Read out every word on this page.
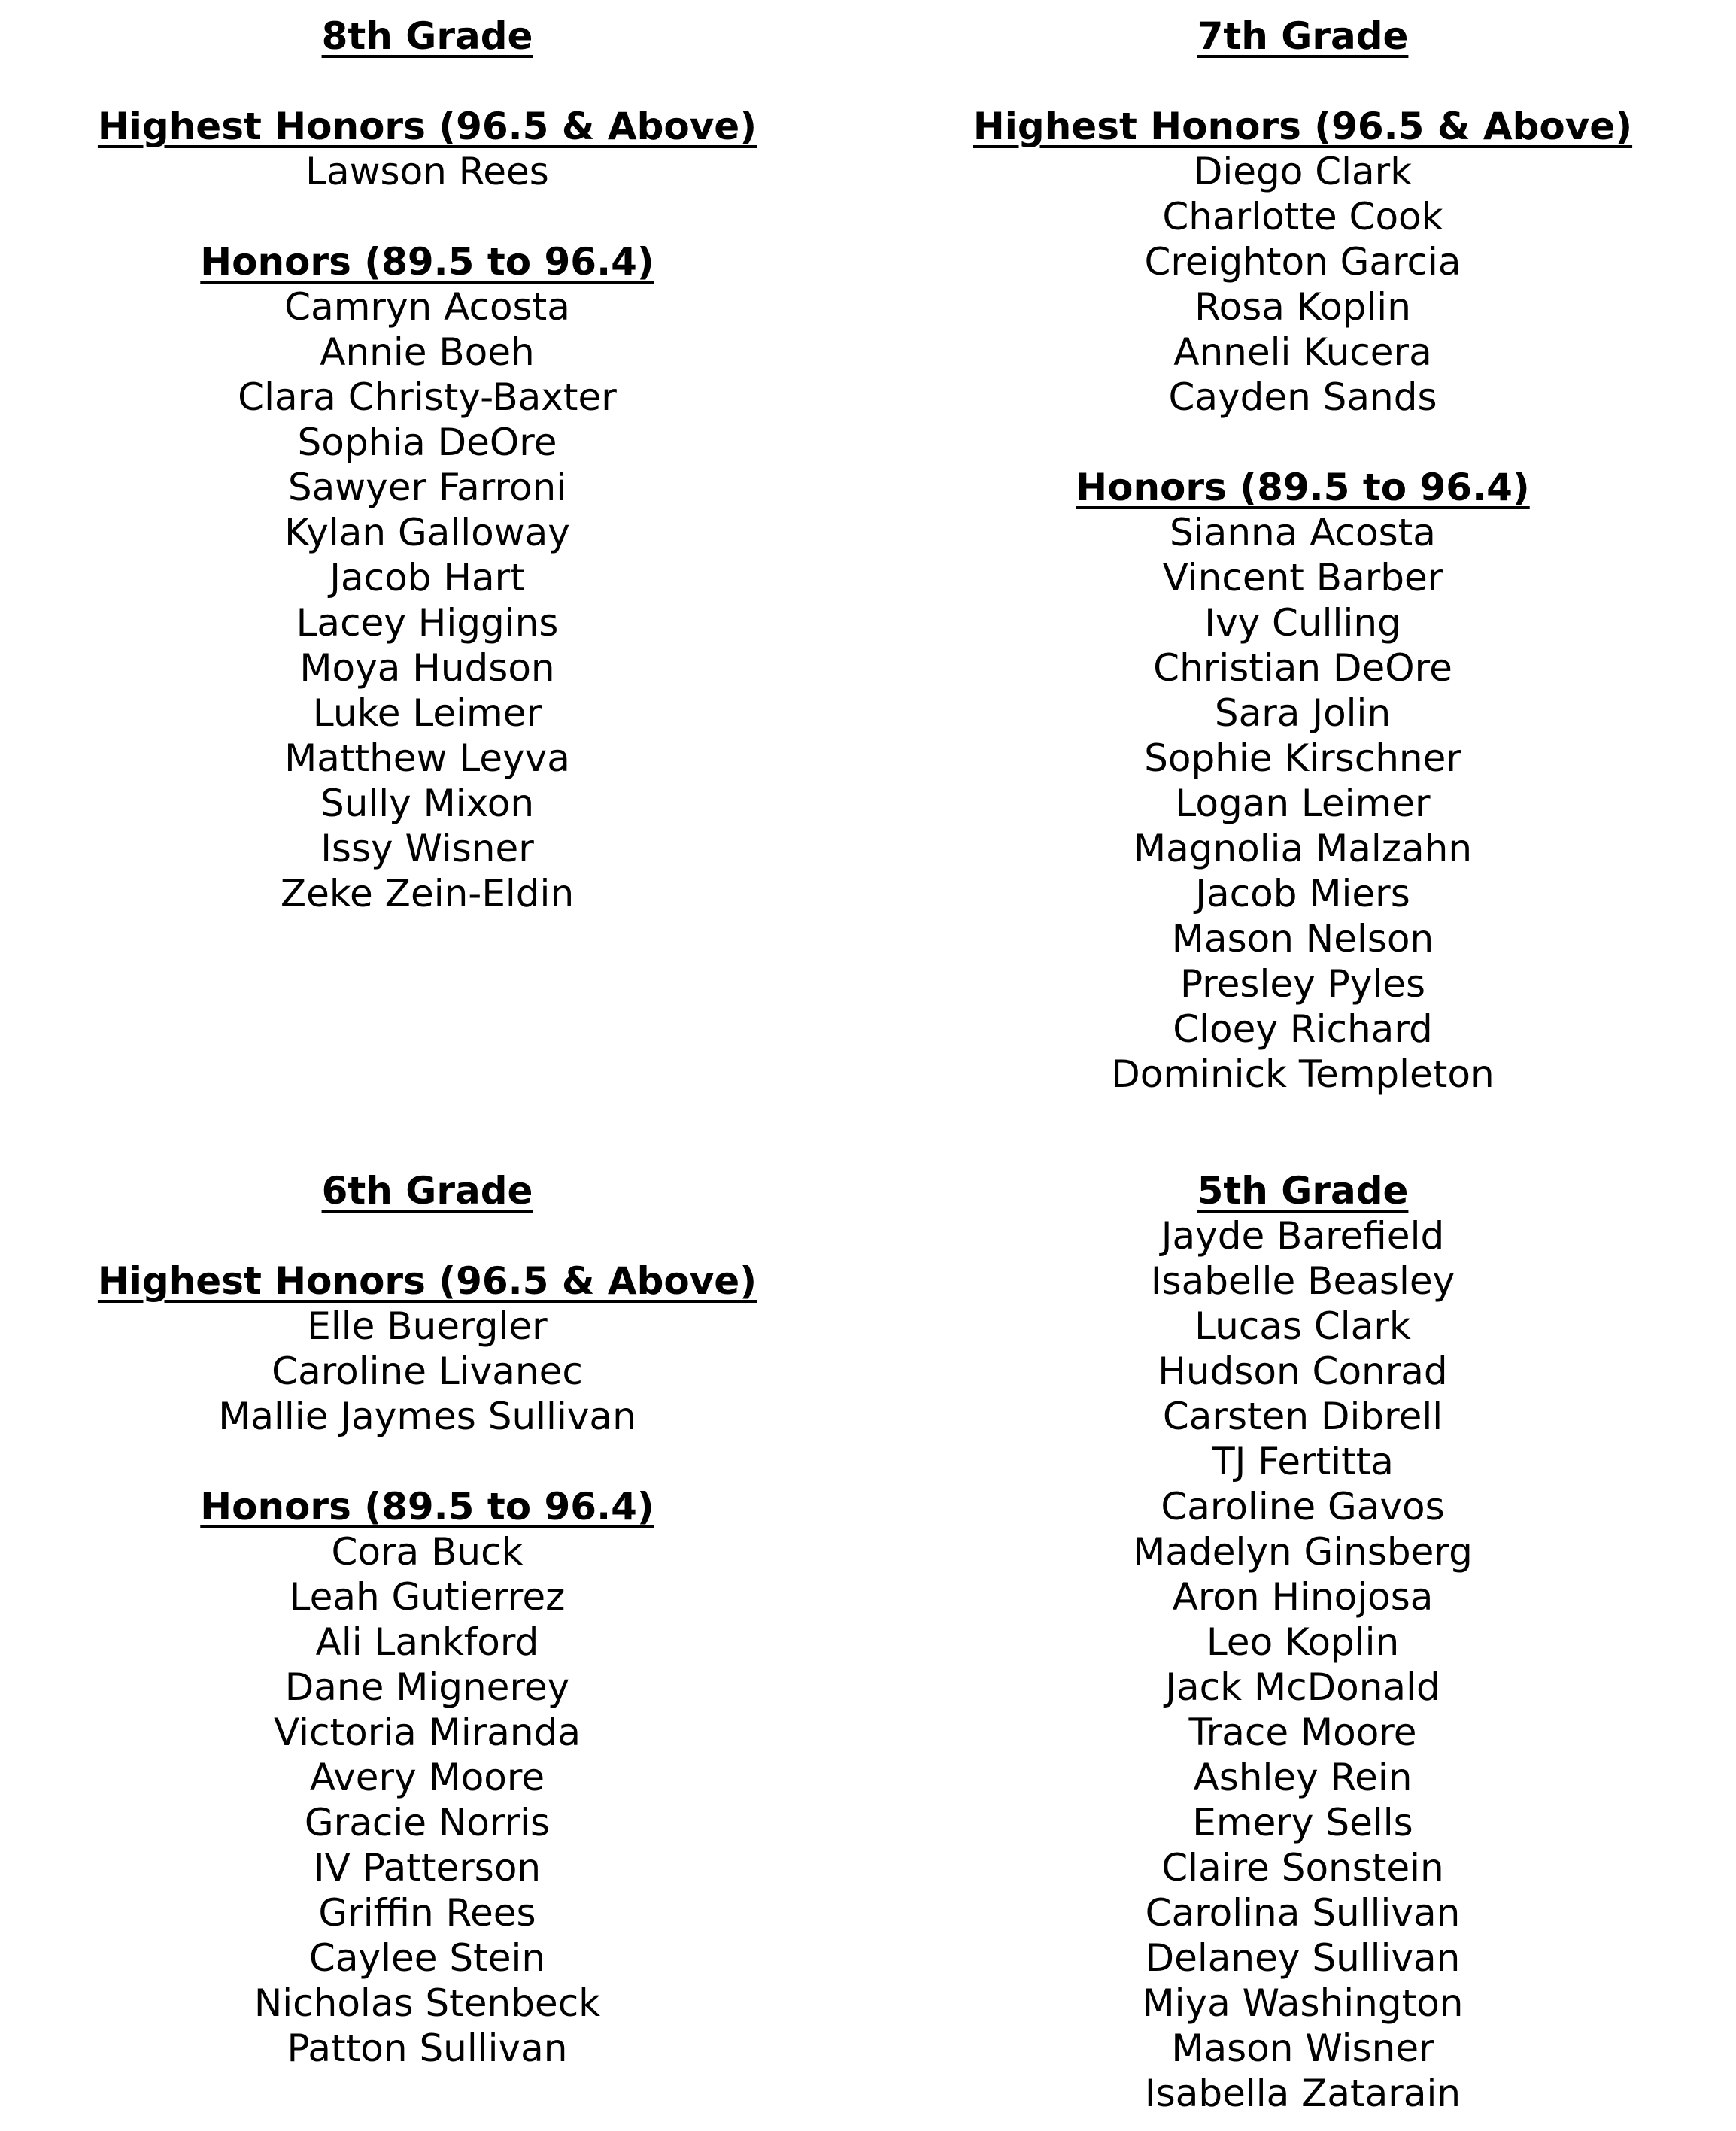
8th Grade
Highest Honors (96.5 & Above)
Lawson Rees
Honors (89.5 to 96.4)
Camryn Acosta
Annie Boeh
Clara Christy-Baxter
Sophia DeOre
Sawyer Farroni
Kylan Galloway
Jacob Hart
Lacey Higgins
Moya Hudson
Luke Leimer
Matthew Leyva
Sully Mixon
Issy Wisner
Zeke Zein-Eldin
7th Grade
Highest Honors (96.5 & Above)
Diego Clark
Charlotte Cook
Creighton Garcia
Rosa Koplin
Anneli Kucera
Cayden Sands
Honors (89.5 to 96.4)
Sianna Acosta
Vincent Barber
Ivy Culling
Christian DeOre
Sara Jolin
Sophie Kirschner
Logan Leimer
Magnolia Malzahn
Jacob Miers
Mason Nelson
Presley Pyles
Cloey Richard
Dominick Templeton
6th Grade
Highest Honors (96.5 & Above)
Elle Buergler
Caroline Livanec
Mallie Jaymes Sullivan
Honors (89.5 to 96.4)
Cora Buck
Leah Gutierrez
Ali Lankford
Dane Mignerey
Victoria Miranda
Avery Moore
Gracie Norris
IV Patterson
Griffin Rees
Caylee Stein
Nicholas Stenbeck
Patton Sullivan
5th Grade
Jayde Barefield
Isabelle Beasley
Lucas Clark
Hudson Conrad
Carsten Dibrell
TJ Fertitta
Caroline Gavos
Madelyn Ginsberg
Aron Hinojosa
Leo Koplin
Jack McDonald
Trace Moore
Ashley Rein
Emery Sells
Claire Sonstein
Carolina Sullivan
Delaney Sullivan
Miya Washington
Mason Wisner
Isabella Zatarain
